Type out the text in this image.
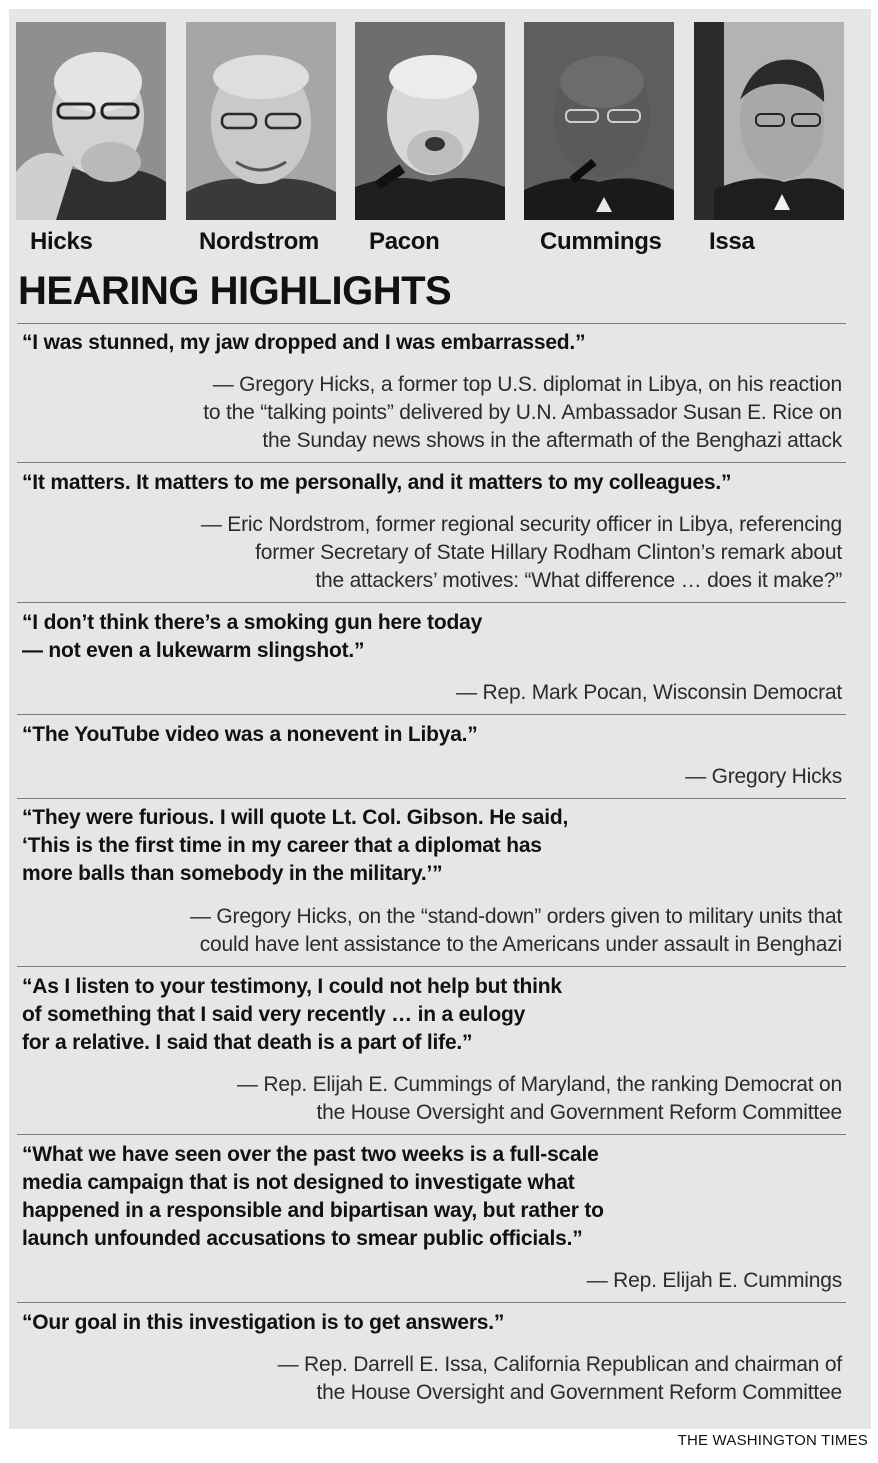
Hicks	Nordstrom Pacon	Cummings Issa
HEARING HIGHLIGHTS
“I was stunned, my jaw dropped and I was embarrassed.”
— Gregory Hicks, a former top U.S. diplomat in Libya, on his reaction
to the “talking points” delivered by U.N. Ambassador Susan E. Rice on
the Sunday news shows in the aftermath of the Benghazi attack
“It matters. It matters to me personally, and it matters to my colleagues.”
— Eric Nordstrom, former regional security officer in Libya, referencing
former Secretary of State Hillary Rodham Clinton’s remark about
the attackers’ motives: “What difference … does it make?”
“I don’t think there’s a smoking gun here today
— not even a lukewarm slingshot.”
— Rep. Mark Pocan, Wisconsin Democrat
“The YouTube video was a nonevent in Libya.”
— Gregory Hicks
“They were furious. I will quote Lt. Col. Gibson. He said,
‘This is the first time in my career that a diplomat has
more balls than somebody in the military.’”
— Gregory Hicks, on the “stand-down” orders given to military units that
could have lent assistance to the Americans under assault in Benghazi
“As I listen to your testimony, I could not help but think
of something that I said very recently … in a eulogy
for a relative. I said that death is a part of life.”
— Rep. Elijah E. Cummings of Maryland, the ranking Democrat on
the House Oversight and Government Reform Committee
“What we have seen over the past two weeks is a full-scale
media campaign that is not designed to investigate what
happened in a responsible and bipartisan way, but rather to
launch unfounded accusations to smear public officials.”
— Rep. Elijah E. Cummings
“Our goal in this investigation is to get answers.”
— Rep. Darrell E. Issa, California Republican and chairman of
the House Oversight and Government Reform Committee
THE WASHINGTON TIMES
